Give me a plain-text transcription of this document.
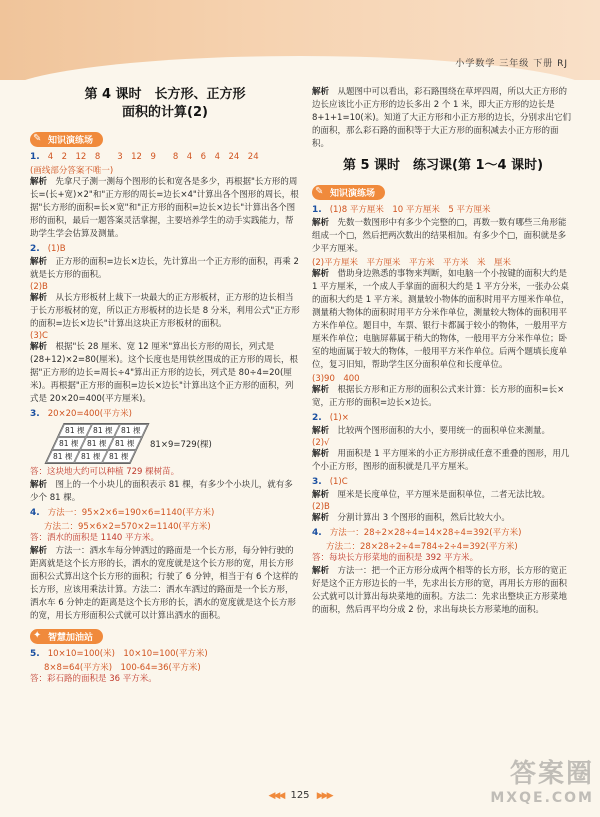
小学数学 三年级 下册 RJ
第 4 课时　长方形、正方形
面积的计算(2)
✎ 知识演练场
1. 4　2　12　8　　3　12　9　　8　4　6　4　24　24
(画线部分答案不唯一)
解析　先拿尺子测一测每个图形的长和宽各是多少，再根据"长方形的周长=(长+宽)×2"和"正方形的周长=边长×4"计算出各个图形的周长，根据"长方形的面积=长×宽"和"正方形的面积=边长×边长"计算出各个图形的面积，最后一题答案灵活掌握，主要培养学生的动手实践能力，帮助学生学会估算及测量。
2. (1)B
解析　正方形的面积=边长×边长，先计算出一个正方形的面积，再乘 2 就是长方形的面积。
(2)B
解析　从长方形板材上裁下一块最大的正方形板材，正方形的边长相当于长方形板材的宽，所以正方形板材的边长是 8 分米，利用公式"正方形的面积=边长×边长"计算出这块正方形板材的面积。
(3)C
解析　根据"长 28 厘米、宽 12 厘米"算出长方形的周长，列式是(28+12)×2=80(厘米)。这个长度也是用铁丝围成的正方形的周长，根据"正方形的边长=周长÷4"算出正方形的边长，列式是 80÷4=20(厘米)。再根据"正方形的面积=边长×边长"计算出这个正方形的面积，列式是 20×20=400(平方厘米)。
3. 20×20=400(平方米)
81 棵 81 棵 81 棵
81 棵 81 棵 81 棵
81 棵 81 棵 81 棵
81×9=729(棵)
答：这块地大约可以种植 729 棵树苗。
解析　图上的一个小块儿的面积表示 81 棵，有多少个小块儿，就有多少个 81 棵。
4. 方法一：95×2×6=190×6=1140(平方米)
方法二：95×6×2=570×2=1140(平方米)
答：洒水的面积是 1140 平方米。
解析　方法一：洒水车每分钟洒过的路面是一个长方形，每分钟行驶的距离就是这个长方形的长，洒水的宽度就是这个长方形的宽，用长方形面积公式算出这个长方形的面积；行驶了 6 分钟，相当于有 6 个这样的长方形，应该用乘法计算。方法二：洒水车洒过的路面是一个长方形，洒水车 6 分钟走的距离是这个长方形的长，洒水的宽度就是这个长方形的宽，用长方形面积公式就可以计算出洒水的面积。
✦ 智慧加油站
5. 10×10=100(米)　10×10=100(平方米)
8×8=64(平方米)　100-64=36(平方米)
答：彩石路的面积是 36 平方米。
解析　 从题图中可以看出，彩石路围绕在草坪四周，所以大正方形的边长应该比小正方形的边长多出 2 个 1 米，即大正方形的边长是 8+1+1=10(米)。知道了大正方形和小正方形的边长，分别求出它们的面积，那么彩石路的面积等于大正方形的面积减去小正方形的面积。
第 5 课时　练习课(第 1～4 课时)
✎ 知识演练场
1. (1)8 平方厘米　10 平方厘米　5 平方厘米
解析　先数一数图形中有多少个完整的□，再数一数有哪些三角形能组成一个□，然后把两次数出的结果相加。有多少个□，面积就是多少平方厘米。
(2)平方厘米　平方厘米　平方米　平方米　米　厘米
解析　借助身边熟悉的事物来判断，如电脑一个小按键的面积大约是 1 平方厘米，一个成人手掌面的面积大约是 1 平方分米，一张办公桌的面积大约是 1 平方米。测量较小物体的面积时用平方厘米作单位，测量稍大物体的面积时用平方分米作单位，测量较大物体的面积用平方米作单位。题目中，车票、银行卡都属于较小的物体，一般用平方厘米作单位；电脑屏幕属于稍大的物体，一般用平方分米作单位；卧室的地面属于较大的物体，一般用平方米作单位。后两个题填长度单位，复习旧知，帮助学生区分面积单位和长度单位。
(3)90　400
解析　根据长方形和正方形的面积公式来计算：长方形的面积=长×宽，正方形的面积=边长×边长。
2. (1)×
解析　比较两个图形面积的大小，要用统一的面积单位来测量。
(2)√
解析　用面积是 1 平方厘米的小正方形拼成任意不重叠的图形，用几个小正方形，图形的面积就是几平方厘米。
3. (1)C
解析　厘米是长度单位，平方厘米是面积单位，二者无法比较。
(2)B
解析　分割计算出 3 个图形的面积，然后比较大小。
4. 方法一：28÷2×28÷4=14×28÷4=392(平方米)
方法二：28×28÷2÷4=784÷2÷4=392(平方米)
答：每块长方形菜地的面积是 392 平方米。
解析　方法一：把一个正方形分成两个相等的长方形，长方形的宽正好是这个正方形边长的一半，先求出长方形的宽，再用长方形的面积公式就可以计算出每块菜地的面积。方法二：先求出整块正方形菜地的面积，然后再平均分成 2 份，求出每块长方形菜地的面积。
◀◀◀ 125 ▶▶▶
答案圈
MXQE.COM
